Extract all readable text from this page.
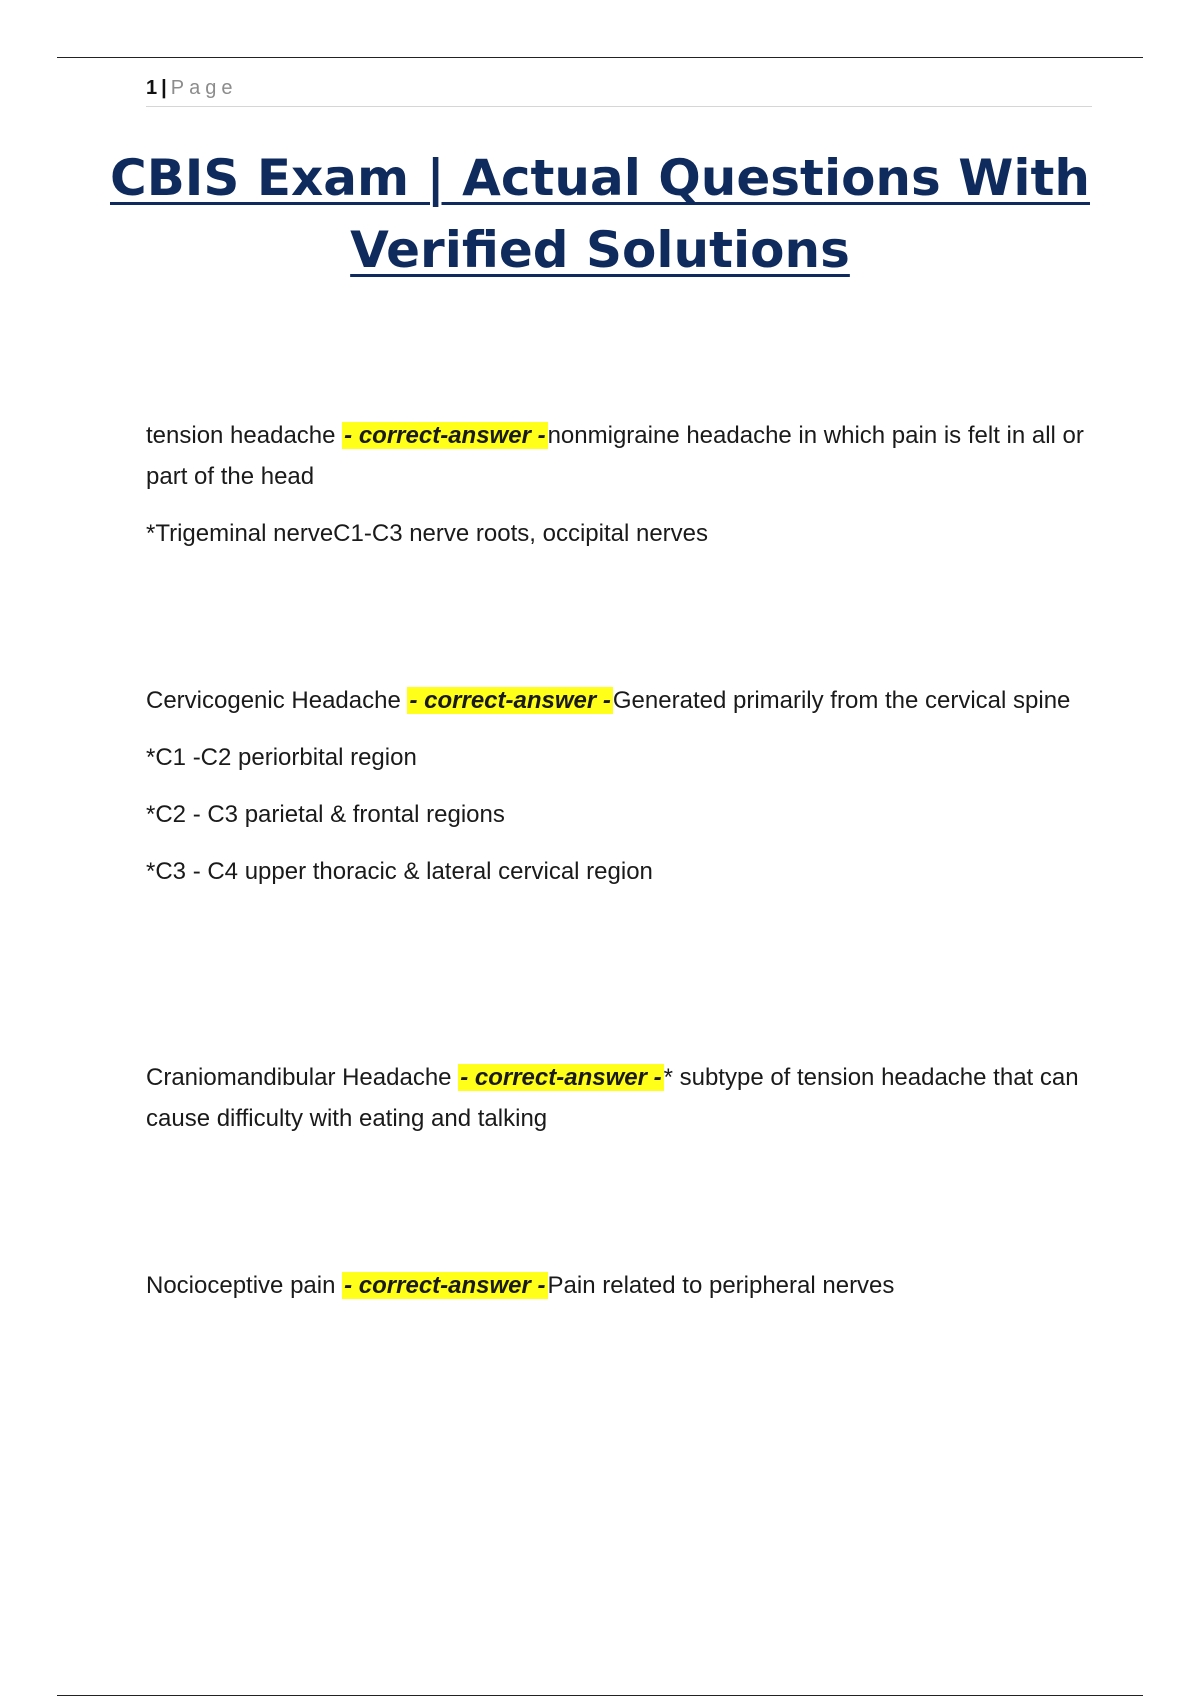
1 | Page
CBIS Exam | Actual Questions With
Verified Solutions

tension headache - correct-answer -nonmigraine headache in which pain is felt in all or part of the head

*Trigeminal nerveC1-C3 nerve roots, occipital nerves

Cervicogenic Headache - correct-answer -Generated primarily from the cervical spine

*C1 -C2 periorbital region

*C2 - C3 parietal & frontal regions

*C3 - C4 upper thoracic & lateral cervical region

Craniomandibular Headache - correct-answer -* subtype of tension headache that can cause difficulty with eating and talking

Nocioceptive pain - correct-answer -Pain related to peripheral nerves
